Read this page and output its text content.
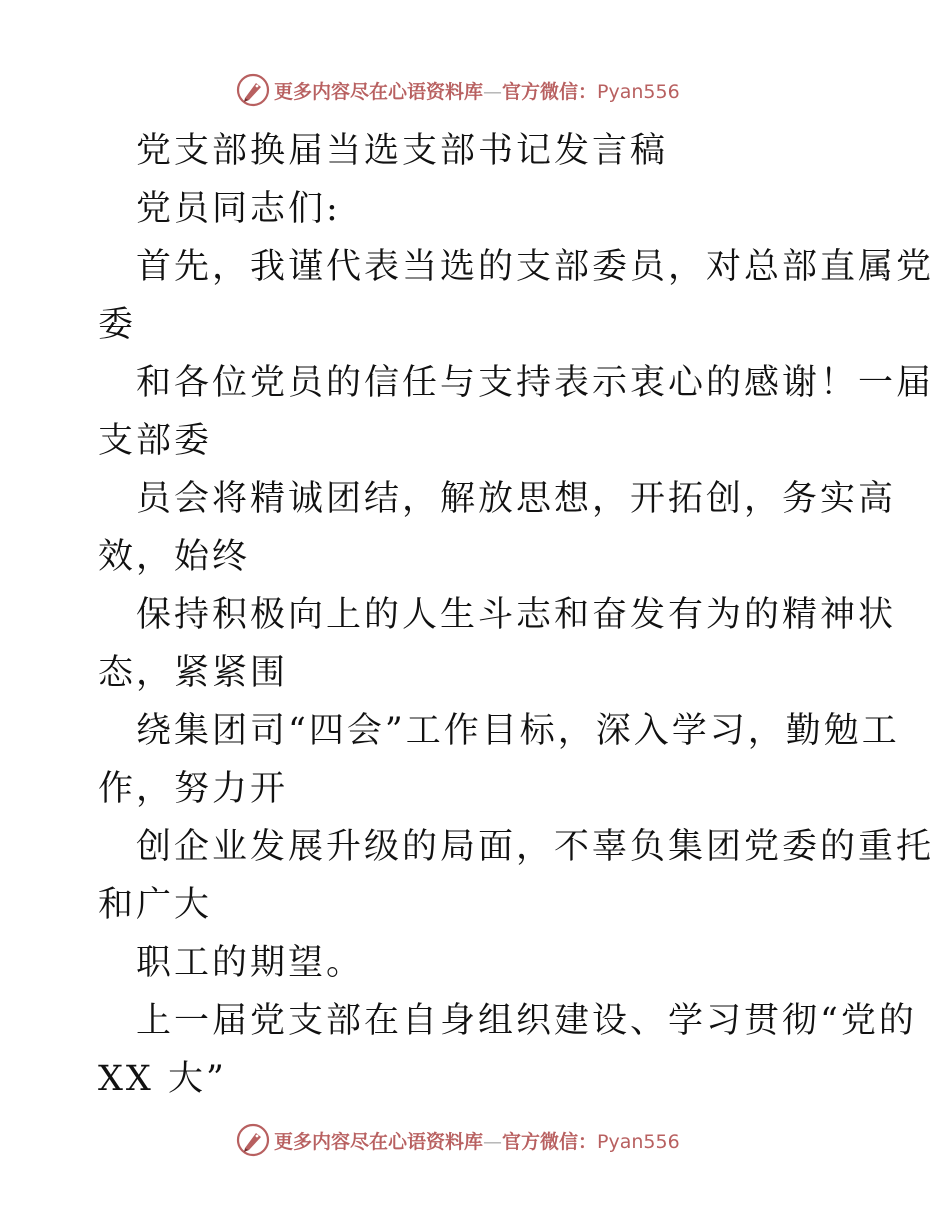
更多内容尽在心语资料库—官方微信：Pyan556

党支部换届当选支部书记发言稿

党员同志们:

首先，我谨代表当选的支部委员，对总部直属党

委

和各位党员的信任与支持表示衷心的感谢！一届

支部委

员会将精诚团结，解放思想，开拓创，务实高

效，始终

保持积极向上的人生斗志和奋发有为的精神状

态，紧紧围

绕集团司“四会”工作目标，深入学习，勤勉工

作，努力开

创企业发展升级的局面，不辜负集团党委的重托

和广大

职工的期望。

上一届党支部在自身组织建设、学习贯彻“党的

XX 大”

更多内容尽在心语资料库—官方微信：Pyan556
